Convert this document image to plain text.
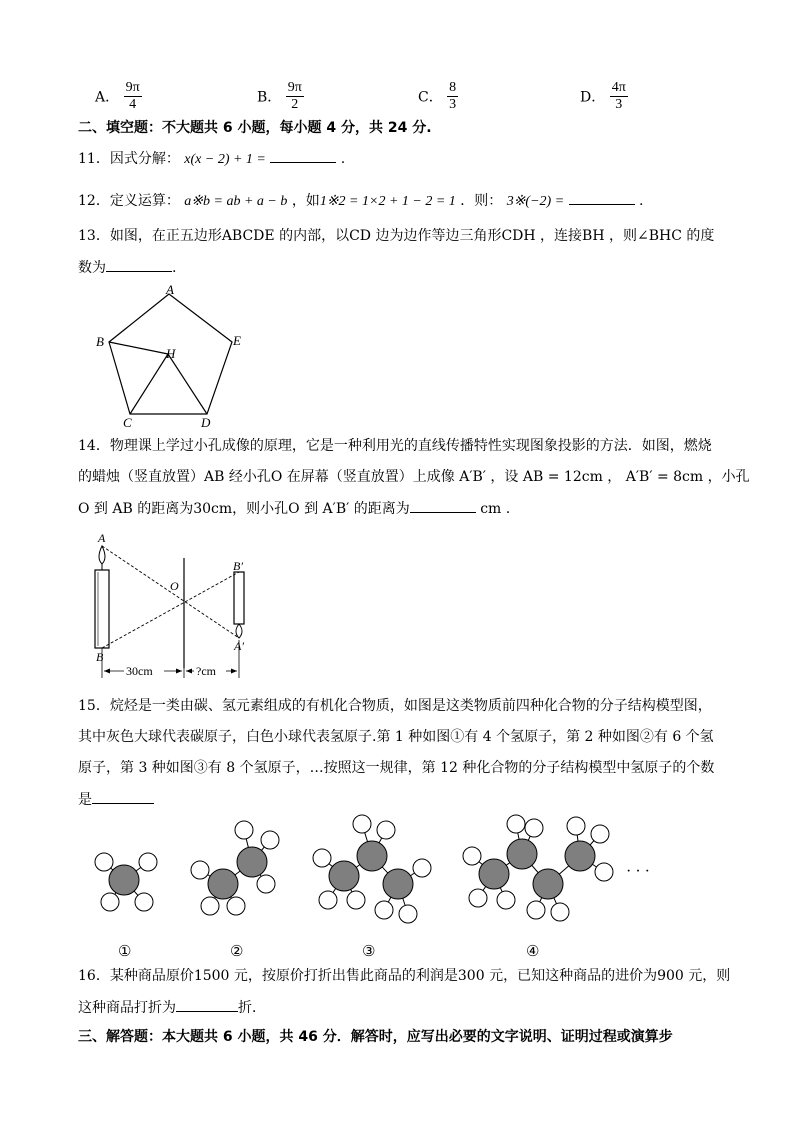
A． $\frac{9\pi}{4}$	B． $\frac{9\pi}{2}$	C． $\frac{8}{3}$	D． $\frac{4\pi}{3}$
二、填空题：不大题共 6 小题，每小题 4 分，共 24 分.
11．因式分解： x(x − 2) + 1 =	.
12．定义运算： a※b = ab + a − b ，如1※2 = 1×2 + 1 − 2 = 1 ．则： 3※(−2) =	.
13．如图，在正五边形ABCDE 的内部，以CD 边为边作等边三角形CDH ，连接BH ，则∠BHC 的度
数为	.
A
B
C	D
E
H
14．物理课上学过小孔成像的原理，它是一种利用光的直线传播特性实现图象投影的方法．如图，燃烧
的蜡烛（竖直放置）AB 经小孔O 在屏幕（竖直放置）上成像 A′B′ ，设 AB = 12cm ， A′B′ = 8cm ，小孔
O 到 AB 的距离为30cm，则小孔O 到 A′B′ 的距离为	cm .
30cm	?cm
A
B
O
B′
A′
15．烷烃是一类由碳、氢元素组成的有机化合物质，如图是这类物质前四种化合物的分子结构模型图，
其中灰色大球代表碳原子，白色小球代表氢原子.第 1 种如图①有 4 个氢原子，第 2 种如图②有 6 个氢
原子，第 3 种如图③有 8 个氢原子，…按照这一规律，第 12 种化合物的分子结构模型中氢原子的个数
是
· · ·
①	②	③	④
16．某种商品原价1500 元，按原价打折出售此商品的利润是300 元，已知这种商品的进价为900 元，则
这种商品打折为	折．
三、解答题：本大题共 6 小题，共 46 分．解答时，应写出必要的文字说明、证明过程或演算步
